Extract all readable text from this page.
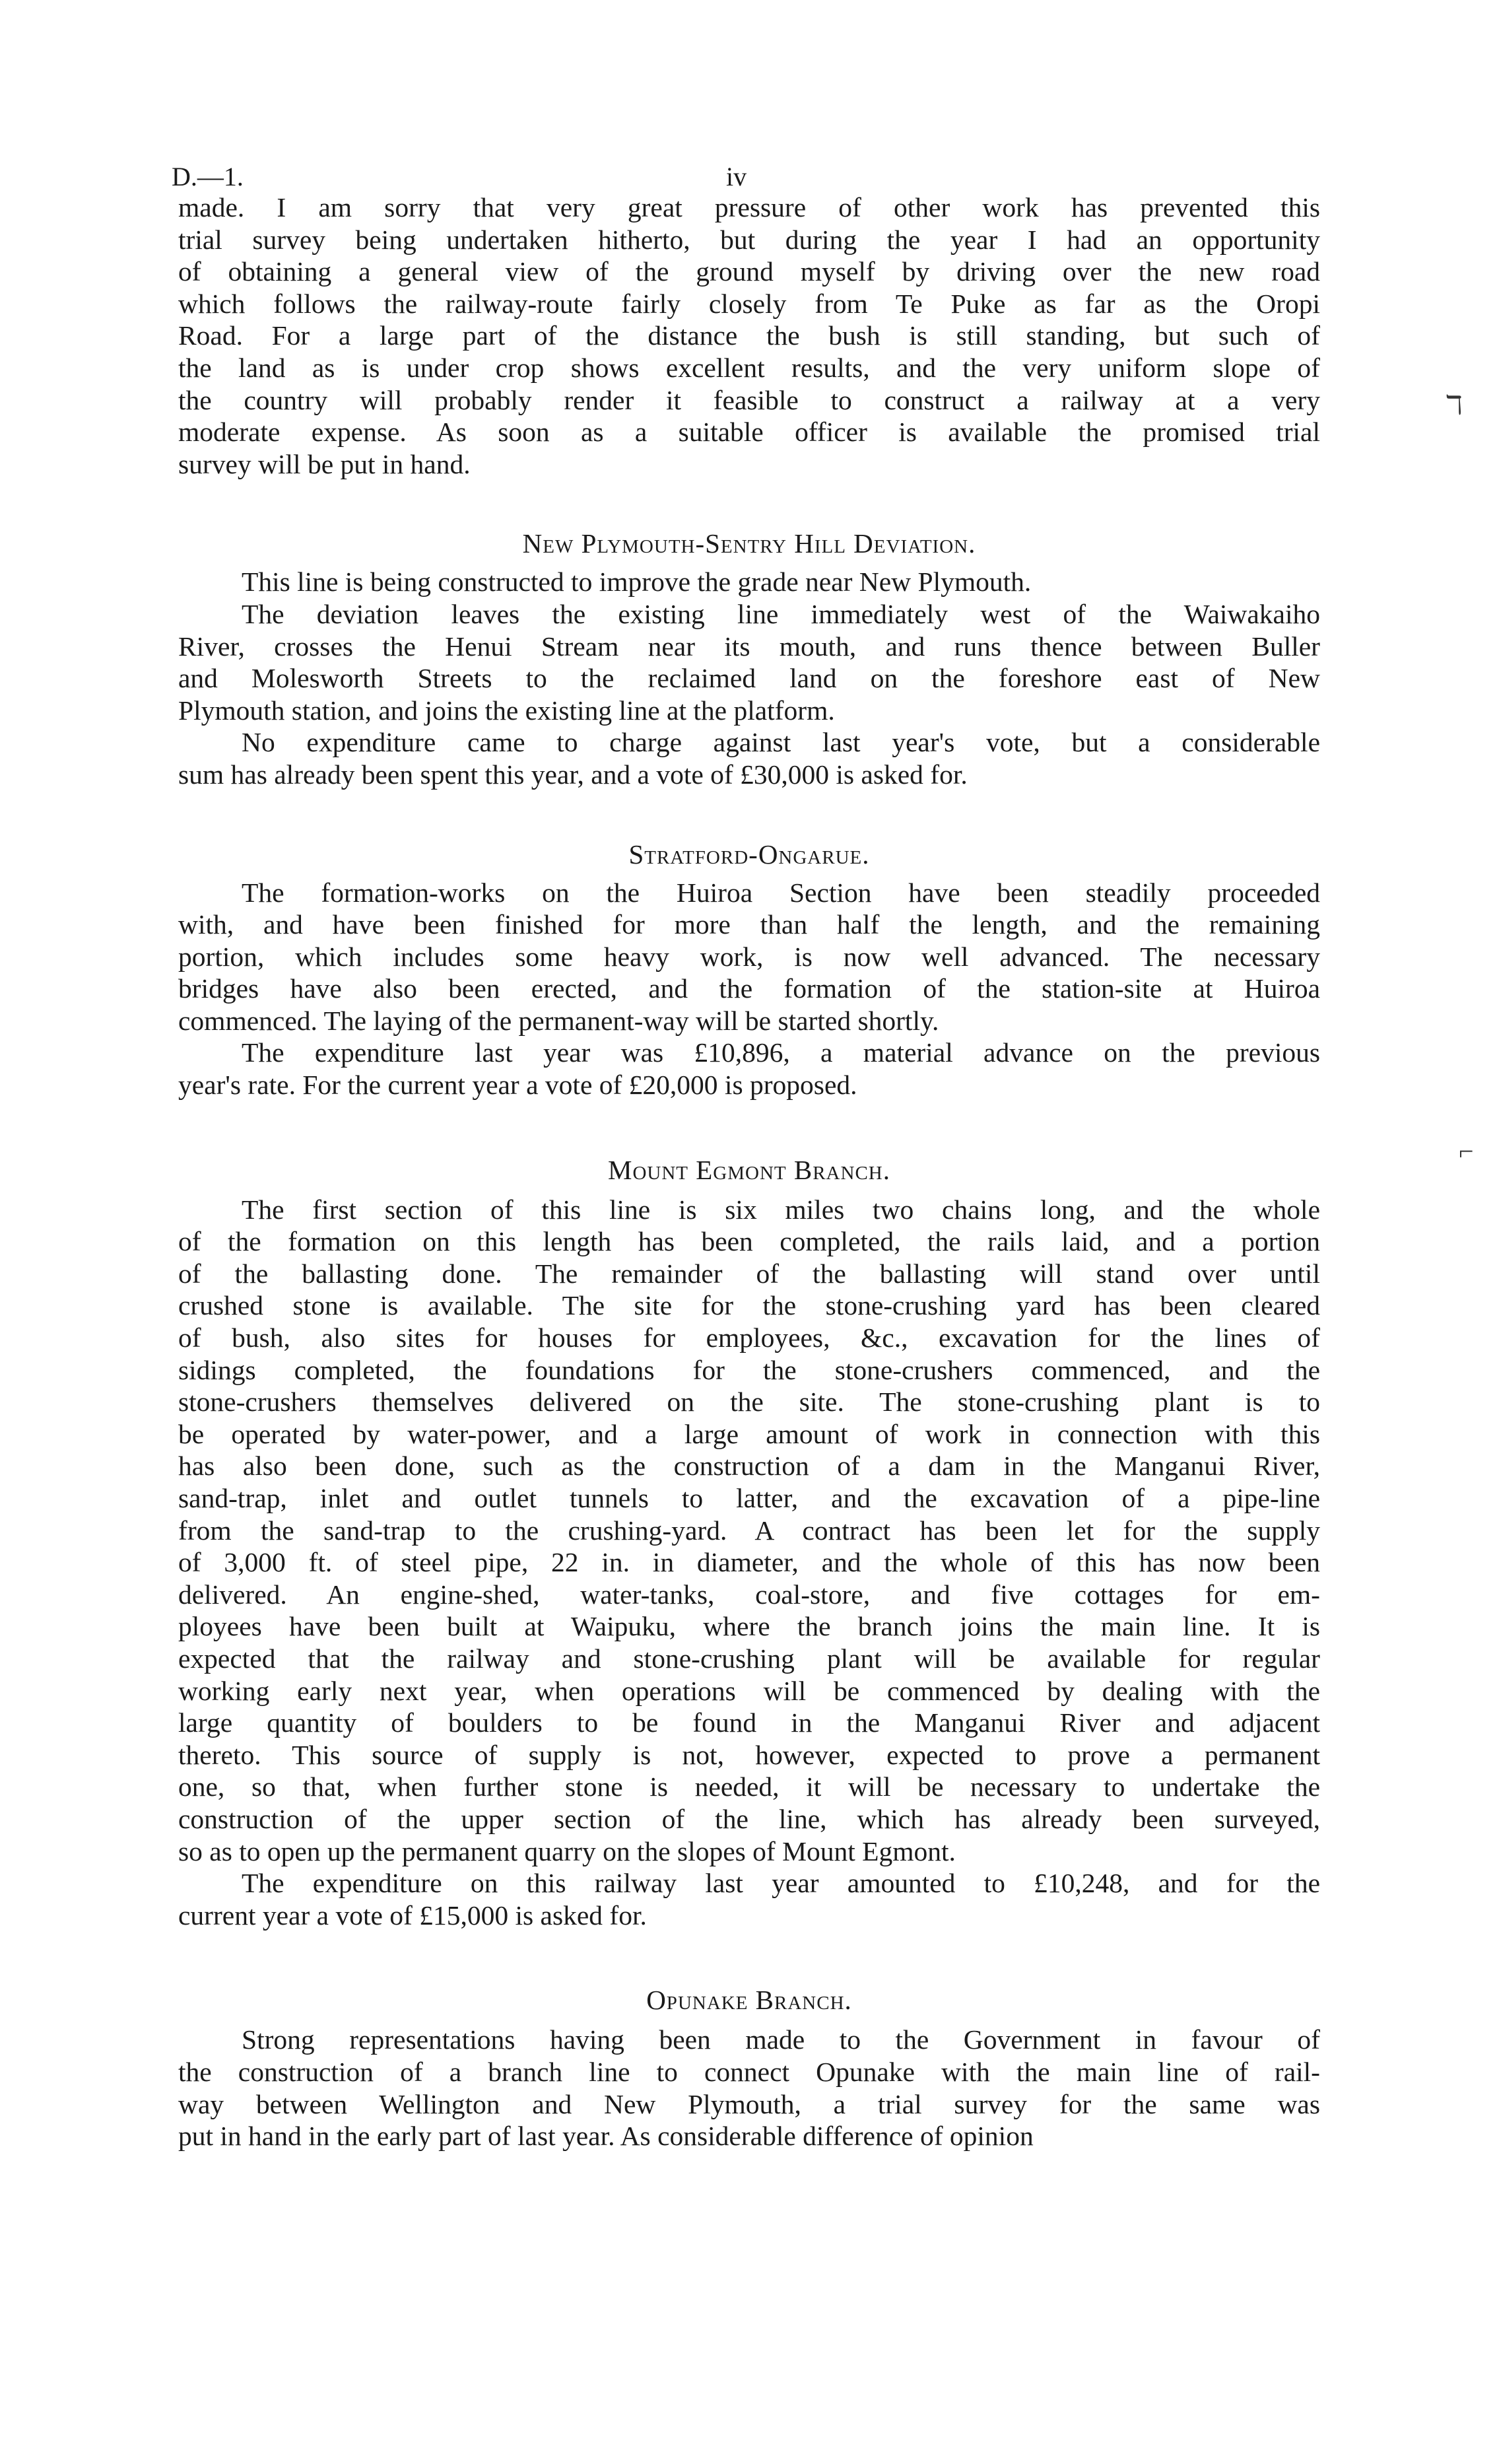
D.—1.	iv

made. I am sorry that very great pressure of other work has prevented this

trial survey being undertaken hitherto, but during the year I had an opportunity

of obtaining a general view of the ground myself by driving over the new road

which follows the railway-route fairly closely from Te Puke as far as the Oropi

Road. For a large part of the distance the bush is still standing, but such of

the land as is under crop shows excellent results, and the very uniform slope of

the country will probably render it feasible to construct a railway at a very

moderate expense. As soon as a suitable officer is available the promised trial

survey will be put in hand.

New Plymouth-Sentry Hill Deviation.

This line is being constructed to improve the grade near New Plymouth.

The deviation leaves the existing line immediately west of the Waiwakaiho

River, crosses the Henui Stream near its mouth, and runs thence between Buller

and Molesworth Streets to the reclaimed land on the foreshore east of New

Plymouth station, and joins the existing line at the platform.

No expenditure came to charge against last year's vote, but a considerable

sum has already been spent this year, and a vote of £30,000 is asked for.

Stratford-Ongarue.

The formation-works on the Huiroa Section have been steadily proceeded

with, and have been finished for more than half the length, and the remaining

portion, which includes some heavy work, is now well advanced. The necessary

bridges have also been erected, and the formation of the station-site at Huiroa

commenced. The laying of the permanent-way will be started shortly.

The expenditure last year was £10,896, a material advance on the previous

year's rate. For the current year a vote of £20,000 is proposed.

Mount Egmont Branch.

The first section of this line is six miles two chains long, and the whole

of the formation on this length has been completed, the rails laid, and a portion

of the ballasting done. The remainder of the ballasting will stand over until

crushed stone is available. The site for the stone-crushing yard has been cleared

of bush, also sites for houses for employees, &c., excavation for the lines of

sidings completed, the foundations for the stone-crushers commenced, and the

stone-crushers themselves delivered on the site. The stone-crushing plant is to

be operated by water-power, and a large amount of work in connection with this

has also been done, such as the construction of a dam in the Manganui River,

sand-trap, inlet and outlet tunnels to latter, and the excavation of a pipe-line

from the sand-trap to the crushing-yard. A contract has been let for the supply

of 3,000 ft. of steel pipe, 22 in. in diameter, and the whole of this has now been

delivered. An engine-shed, water-tanks, coal-store, and five cottages for em-

ployees have been built at Waipuku, where the branch joins the main line. It is

expected that the railway and stone-crushing plant will be available for regular

working early next year, when operations will be commenced by dealing with the

large quantity of boulders to be found in the Manganui River and adjacent

thereto. This source of supply is not, however, expected to prove a permanent

one, so that, when further stone is needed, it will be necessary to undertake the

construction of the upper section of the line, which has already been surveyed,

so as to open up the permanent quarry on the slopes of Mount Egmont.

The expenditure on this railway last year amounted to £10,248, and for the

current year a vote of £15,000 is asked for.

Opunake Branch.

Strong representations having been made to the Government in favour of

the construction of a branch line to connect Opunake with the main line of rail-

way between Wellington and New Plymouth, a trial survey for the same was

put in hand in the early part of last year. As considerable difference of opinion

ℸ
⌐
